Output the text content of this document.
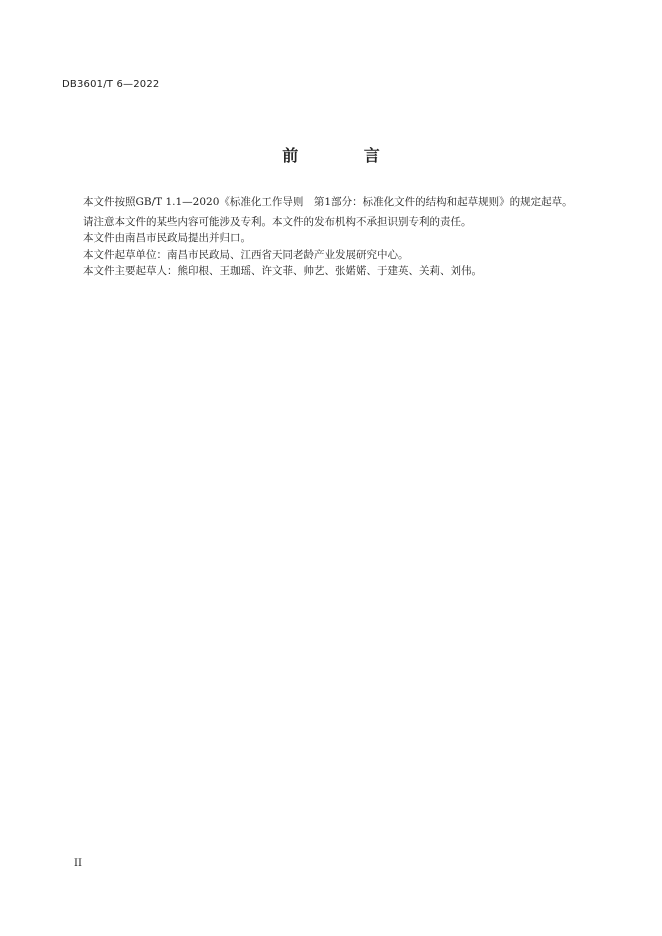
DB3601/T 6—2022
前 言

本文件按照GB/T 1.1—2020《标准化工作导则　第1部分：标准化文件的结构和起草规则》的规定起草。

请注意本文件的某些内容可能涉及专利。本文件的发布机构不承担识别专利的责任。

本文件由南昌市民政局提出并归口。

本文件起草单位：南昌市民政局、江西省天同老龄产业发展研究中心。

本文件主要起草人：熊印根、王珈瑶、许文菲、帅艺、张婼婼、于建英、关莉、刘伟。

II
